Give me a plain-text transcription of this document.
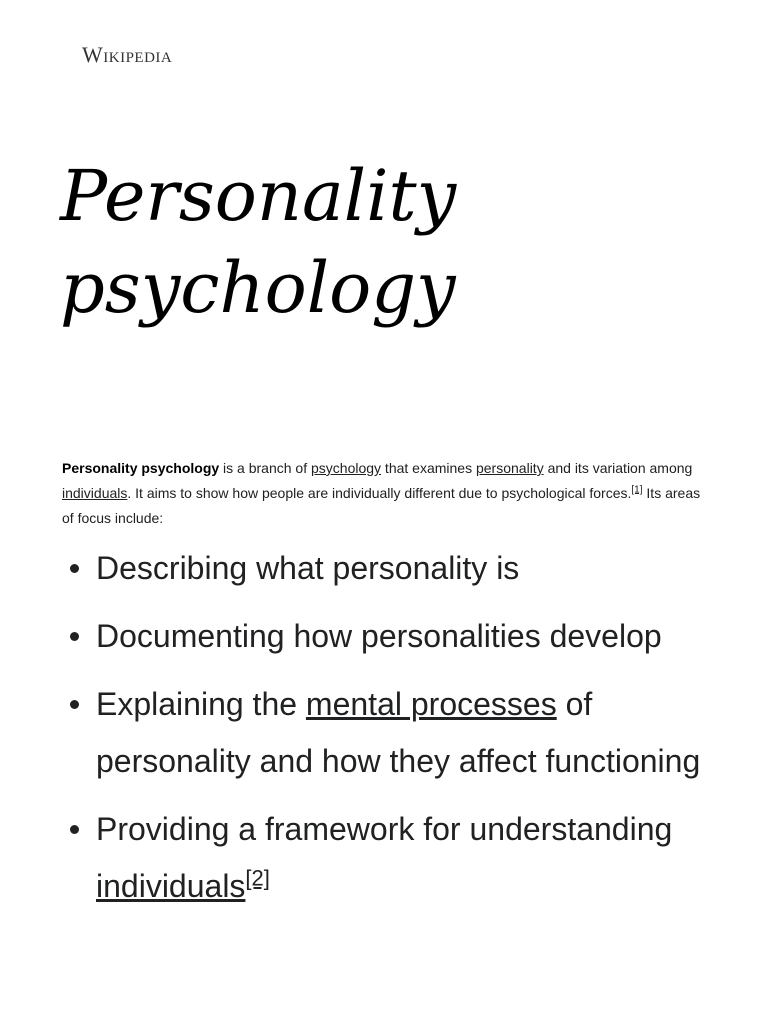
Wikipedia
Personality
psychology

Personality psychology is a branch of psychology that examines personality and its variation among individuals. It aims to show how people are individually different due to psychological forces.[1] Its areas of focus include:

Describing what personality is
Documenting how personalities develop
Explaining the mental processes of personality and how they affect functioning
Providing a framework for understanding individuals[2]
